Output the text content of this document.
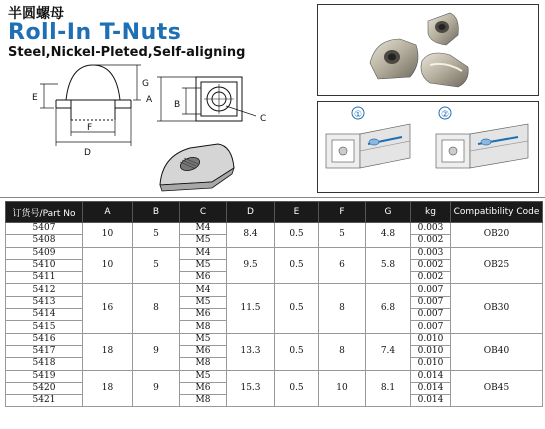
半圆螺母
Roll-In T-Nuts
Steel,Nickel-Pleted,Self-aligning
E
G
F
D
A B
C	①	②
订货号/Part No	A	B	C	D	E	F	G	kg	Compatibility Code
5407	10	5	M4	8.4	0.5	5	4.8	0.003	OB20
5408			M5					0.002	
5409	10	5	M4	9.5	0.5	6	5.8	0.003	OB25
5410			M5					0.002	
5411			M6					0.002	
5412	16	8	M4	11.5	0.5	8	6.8	0.007	OB30
5413			M5					0.007	
5414			M6					0.007	
5415			M8					0.007	
5416	18	9	M5	13.3	0.5	8	7.4	0.010	OB40
5417			M6					0.010	
5418			M8					0.010	
5419	18	9	M5	15.3	0.5	10	8.1	0.014	OB45
5420			M6					0.014	
5421			M8					0.014	
